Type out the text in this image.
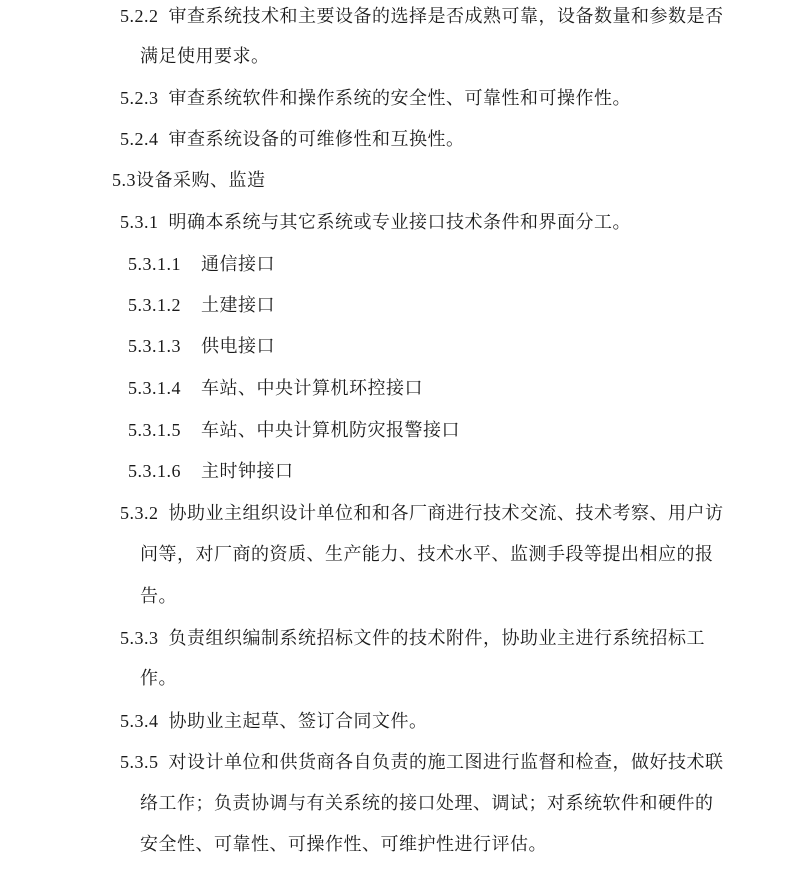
5.2.2 审查系统技术和主要设备的选择是否成熟可靠，设备数量和参数是否
满足使用要求。
5.2.3 审查系统软件和操作系统的安全性、可靠性和可操作性。
5.2.4 审查系统设备的可维修性和互换性。
5.3设备采购、监造
5.3.1 明确本系统与其它系统或专业接口技术条件和界面分工。
5.3.1.1 通信接口
5.3.1.2 土建接口
5.3.1.3 供电接口
5.3.1.4 车站、中央计算机环控接口
5.3.1.5 车站、中央计算机防灾报警接口
5.3.1.6 主时钟接口
5.3.2 协助业主组织设计单位和和各厂商进行技术交流、技术考察、用户访
问等，对厂商的资质、生产能力、技术水平、监测手段等提出相应的报
告。
5.3.3 负责组织编制系统招标文件的技术附件，协助业主进行系统招标工
作。
5.3.4 协助业主起草、签订合同文件。
5.3.5 对设计单位和供货商各自负责的施工图进行监督和检查，做好技术联
络工作；负责协调与有关系统的接口处理、调试；对系统软件和硬件的
安全性、可靠性、可操作性、可维护性进行评估。
